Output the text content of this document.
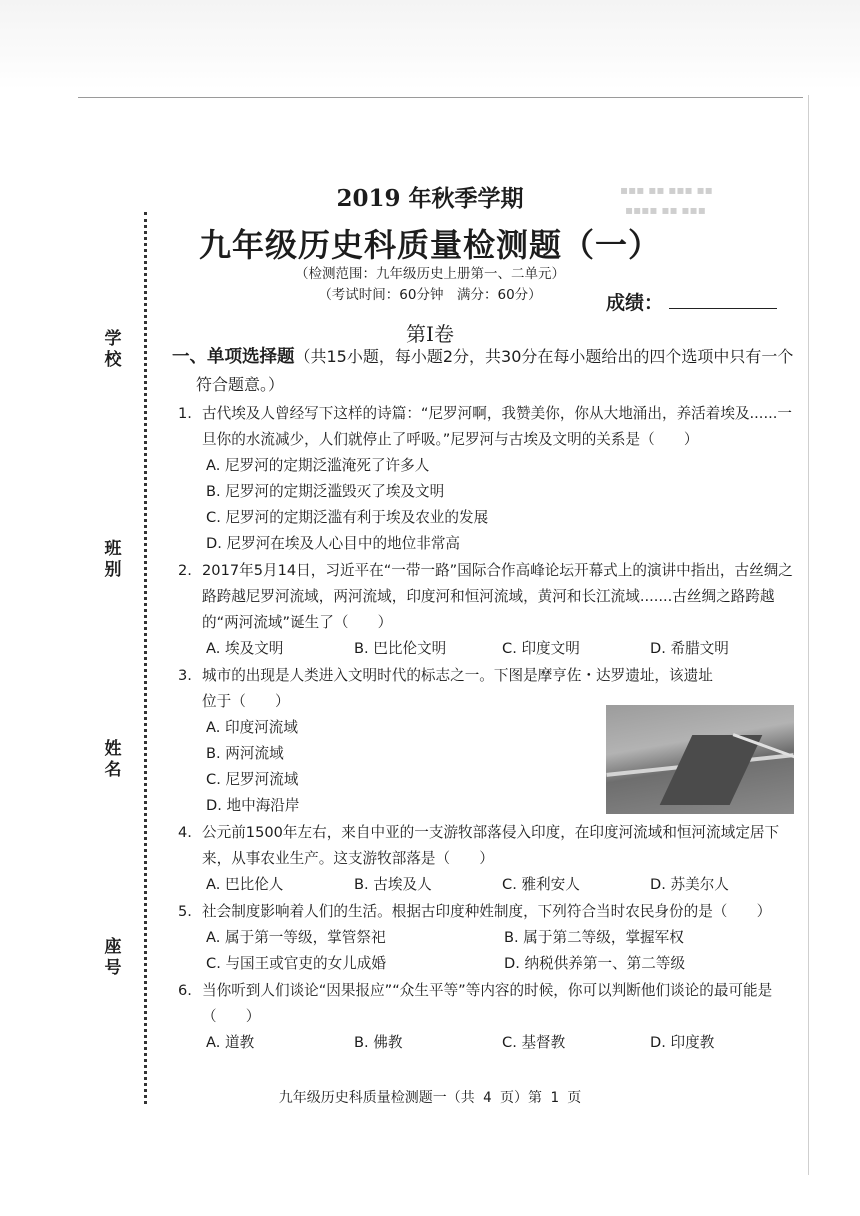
▪▪▪ ▪▪ ▪▪▪ ▪▪
▪▪▪▪ ▪▪ ▪▪▪
学校
班别
姓名
座号
2019 年秋季学期
九年级历史科质量检测题（一）
（检测范围：九年级历史上册第一、二单元）
（考试时间：60分钟　满分：60分）	成绩：
第I卷
一、单项选择题（共15小题，每小题2分，共30分在每小题给出的四个选项中只有一个符合题意。）
1. 古代埃及人曾经写下这样的诗篇：“尼罗河啊，我赞美你，你从大地涌出，养活着埃及......一旦你的水流减少，人们就停止了呼吸。”尼罗河与古埃及文明的关系是（　　）
A. 尼罗河的定期泛滥淹死了许多人
B. 尼罗河的定期泛滥毁灭了埃及文明
C. 尼罗河的定期泛滥有利于埃及农业的发展
D. 尼罗河在埃及人心目中的地位非常高
2. 2017年5月14日，习近平在“一带一路”国际合作高峰论坛开幕式上的演讲中指出，古丝绸之路跨越尼罗河流域，两河流域，印度河和恒河流域，黄河和长江流域.......古丝绸之路跨越的“两河流域”诞生了（　　）
A. 埃及文明	B. 巴比伦文明	C. 印度文明	D. 希腊文明
3. 城市的出现是人类进入文明时代的标志之一。下图是摩亨佐・达罗遗址，该遗址
位于（　　）
A. 印度河流域
B. 两河流域
C. 尼罗河流域
D. 地中海沿岸
4. 公元前1500年左右，来自中亚的一支游牧部落侵入印度，在印度河流域和恒河流域定居下来，从事农业生产。这支游牧部落是（　　）
A. 巴比伦人	B. 古埃及人	C. 雅利安人	D. 苏美尔人
5. 社会制度影响着人们的生活。根据古印度种姓制度，下列符合当时农民身份的是（　　）
A. 属于第一等级，掌管祭祀	B. 属于第二等级，掌握军权
C. 与国王或官吏的女儿成婚	D. 纳税供养第一、第二等级
6. 当你听到人们谈论“因果报应”“众生平等”等内容的时候，你可以判断他们谈论的最可能是（　　）
A. 道教	B. 佛教	C. 基督教	D. 印度教
九年级历史科质量检测题一（共 4 页）第 1 页
